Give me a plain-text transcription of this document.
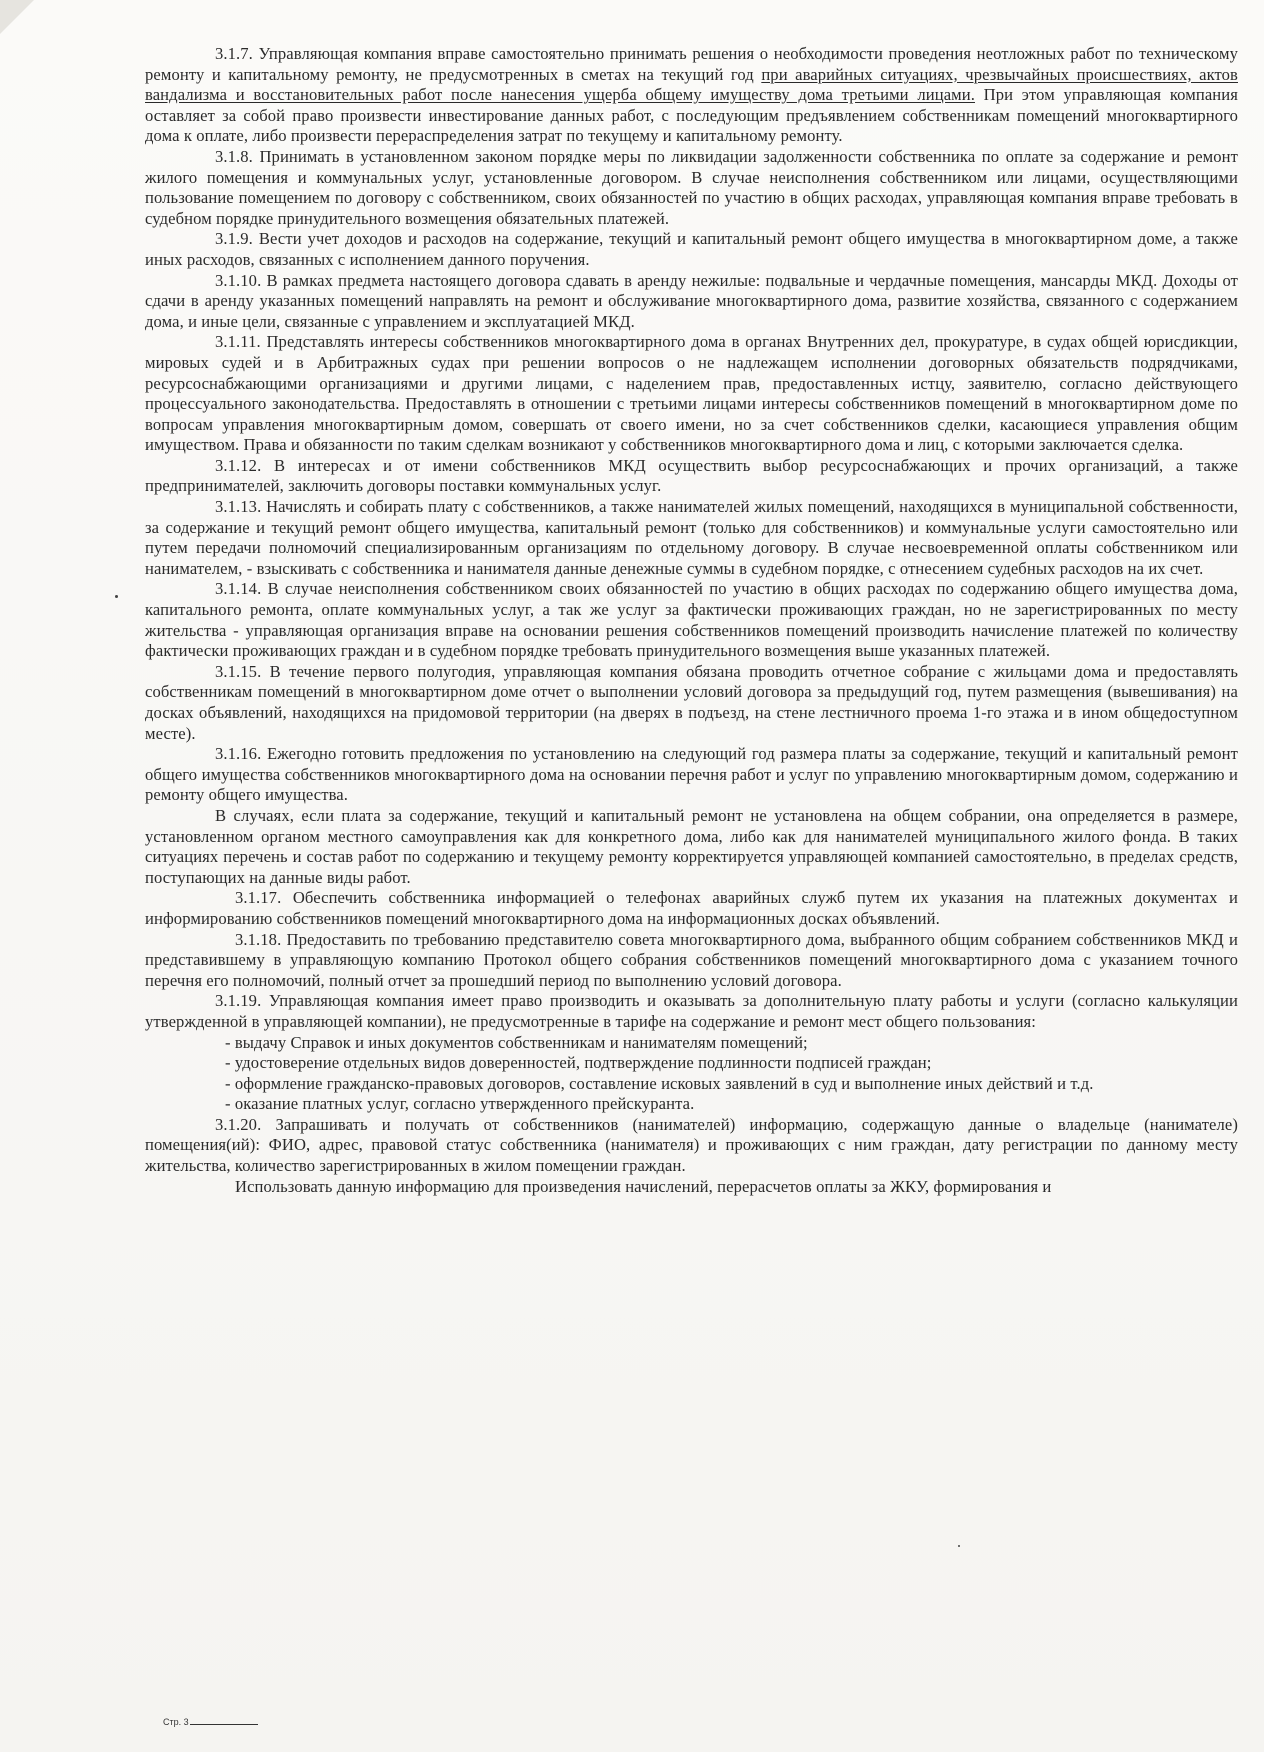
3.1.7. Управляющая компания вправе самостоятельно принимать решения о необходимости проведения неотложных работ по техническому ремонту и капитальному ремонту, не предусмотренных в сметах на текущий год при аварийных ситуациях, чрезвычайных происшествиях, актов вандализма и восстановительных работ после нанесения ущерба общему имуществу дома третьими лицами. При этом управляющая компания оставляет за собой право произвести инвестирование данных работ, с последующим предъявлением собственникам помещений многоквартирного дома к оплате, либо произвести перераспределения затрат по текущему и капитальному ремонту.

3.1.8. Принимать в установленном законом порядке меры по ликвидации задолженности собственника по оплате за содержание и ремонт жилого помещения и коммунальных услуг, установленные договором. В случае неисполнения собственником или лицами, осуществляющими пользование помещением по договору с собственником, своих обязанностей по участию в общих расходах, управляющая компания вправе требовать в судебном порядке принудительного возмещения обязательных платежей.

3.1.9. Вести учет доходов и расходов на содержание, текущий и капитальный ремонт общего имущества в многоквартирном доме, а также иных расходов, связанных с исполнением данного поручения.

3.1.10. В рамках предмета настоящего договора сдавать в аренду нежилые: подвальные и чердачные помещения, мансарды МКД. Доходы от сдачи в аренду указанных помещений направлять на ремонт и обслуживание многоквартирного дома, развитие хозяйства, связанного с содержанием дома, и иные цели, связанные с управлением и эксплуатацией МКД.

3.1.11. Представлять интересы собственников многоквартирного дома в органах Внутренних дел, прокуратуре, в судах общей юрисдикции, мировых судей и в Арбитражных судах при решении вопросов о не надлежащем исполнении договорных обязательств подрядчиками, ресурсоснабжающими организациями и другими лицами, с наделением прав, предоставленных истцу, заявителю, согласно действующего процессуального законодательства. Предоставлять в отношении с третьими лицами интересы собственников помещений в многоквартирном доме по вопросам управления многоквартирным домом, совершать от своего имени, но за счет собственников сделки, касающиеся управления общим имуществом. Права и обязанности по таким сделкам возникают у собственников многоквартирного дома и лиц, с которыми заключается сделка.

3.1.12. В интересах и от имени собственников МКД осуществить выбор ресурсоснабжающих и прочих организаций, а также предпринимателей, заключить договоры поставки коммунальных услуг.

3.1.13. Начислять и собирать плату с собственников, а также нанимателей жилых помещений, находящихся в муниципальной собственности, за содержание и текущий ремонт общего имущества, капитальный ремонт (только для собственников) и коммунальные услуги самостоятельно или путем передачи полномочий специализированным организациям по отдельному договору. В случае несвоевременной оплаты собственником или нанимателем, - взыскивать с собственника и нанимателя данные денежные суммы в судебном порядке, с отнесением судебных расходов на их счет.

3.1.14. В случае неисполнения собственником своих обязанностей по участию в общих расходах по содержанию общего имущества дома, капитального ремонта, оплате коммунальных услуг, а так же услуг за фактически проживающих граждан, но не зарегистрированных по месту жительства - управляющая организация вправе на основании решения собственников помещений производить начисление платежей по количеству фактически проживающих граждан и в судебном порядке требовать принудительного возмещения выше указанных платежей.

3.1.15. В течение первого полугодия, управляющая компания обязана проводить отчетное собрание с жильцами дома и предоставлять собственникам помещений в многоквартирном доме отчет о выполнении условий договора за предыдущий год, путем размещения (вывешивания) на досках объявлений, находящихся на придомовой территории (на дверях в подъезд, на стене лестничного проема 1-го этажа и в ином общедоступном месте).

3.1.16. Ежегодно готовить предложения по установлению на следующий год размера платы за содержание, текущий и капитальный ремонт общего имущества собственников многоквартирного дома на основании перечня работ и услуг по управлению многоквартирным домом, содержанию и ремонту общего имущества.

В случаях, если плата за содержание, текущий и капитальный ремонт не установлена на общем собрании, она определяется в размере, установленном органом местного самоуправления как для конкретного дома, либо как для нанимателей муниципального жилого фонда. В таких ситуациях перечень и состав работ по содержанию и текущему ремонту корректируется управляющей компанией самостоятельно, в пределах средств, поступающих на данные виды работ.

3.1.17. Обеспечить собственника информацией о телефонах аварийных служб путем их указания на платежных документах и информированию собственников помещений многоквартирного дома на информационных досках объявлений.

3.1.18. Предоставить по требованию представителю совета многоквартирного дома, выбранного общим собранием собственников МКД и представившему в управляющую компанию Протокол общего собрания собственников помещений многоквартирного дома с указанием точного перечня его полномочий, полный отчет за прошедший период по выполнению условий договора.

3.1.19. Управляющая компания имеет право производить и оказывать за дополнительную плату работы и услуги (согласно калькуляции утвержденной в управляющей компании), не предусмотренные в тарифе на содержание и ремонт мест общего пользования:

- выдачу Справок и иных документов собственникам и нанимателям помещений;

- удостоверение отдельных видов доверенностей, подтверждение подлинности подписей граждан;

- оформление гражданско-правовых договоров, составление исковых заявлений в суд и выполнение иных действий и т.д.

- оказание платных услуг, согласно утвержденного прейскуранта.

3.1.20. Запрашивать и получать от собственников (нанимателей) информацию, содержащую данные о владельце (нанимателе) помещения(ий): ФИО, адрес, правовой статус собственника (нанимателя) и проживающих с ним граждан, дату регистрации по данному месту жительства, количество зарегистрированных в жилом помещении граждан.

Использовать данную информацию для произведения начислений, перерасчетов оплаты за ЖКУ, формирования и

Стр. 3
